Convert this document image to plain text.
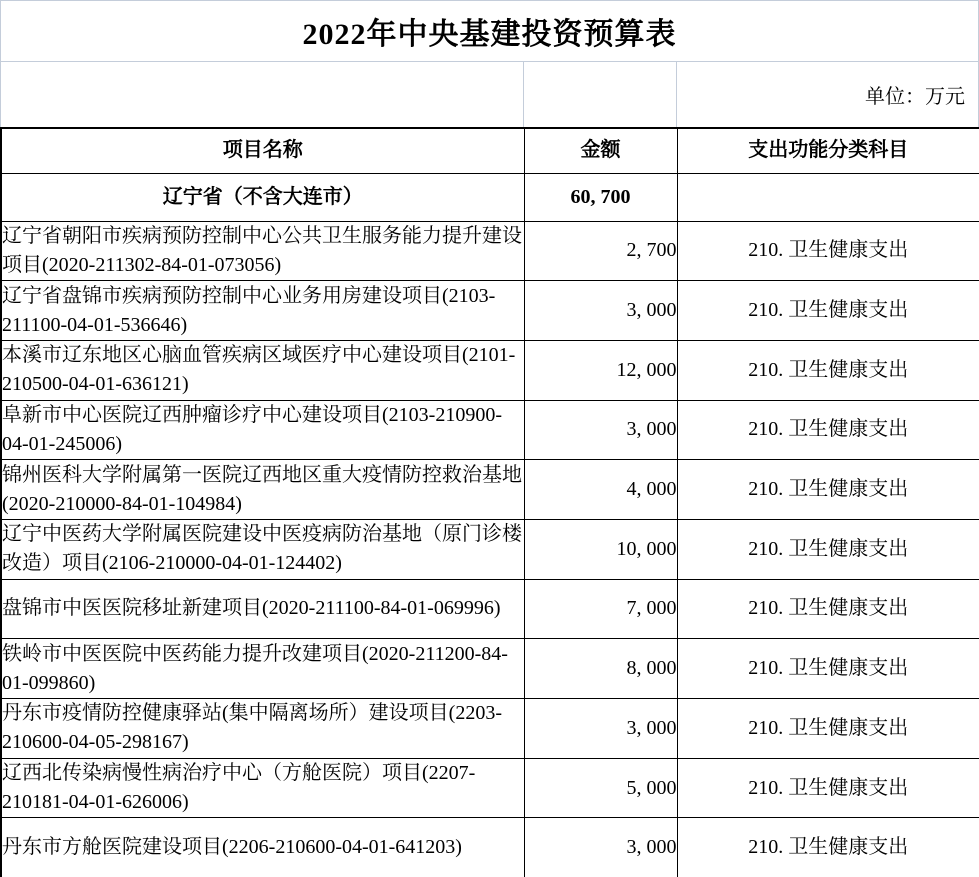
2022年中央基建投资预算表
单位：万元
项目名称	金额	支出功能分类科目
辽宁省（不含大连市）	60, 700	
辽宁省朝阳市疾病预防控制中心公共卫生服务能力提升建设项目(2020-211302-84-01-073056)	2, 700	210. 卫生健康支出
辽宁省盘锦市疾病预防控制中心业务用房建设项目(2103-211100-04-01-536646)	3, 000	210. 卫生健康支出
本溪市辽东地区心脑血管疾病区域医疗中心建设项目(2101-210500-04-01-636121)	12, 000	210. 卫生健康支出
阜新市中心医院辽西肿瘤诊疗中心建设项目(2103-210900-04-01-245006)	3, 000	210. 卫生健康支出
锦州医科大学附属第一医院辽西地区重大疫情防控救治基地(2020-210000-84-01-104984)	4, 000	210. 卫生健康支出
辽宁中医药大学附属医院建设中医疫病防治基地（原门诊楼改造）项目(2106-210000-04-01-124402)	10, 000	210. 卫生健康支出
盘锦市中医医院移址新建项目(2020-211100-84-01-069996)	7, 000	210. 卫生健康支出
铁岭市中医医院中医药能力提升改建项目(2020-211200-84-01-099860)	8, 000	210. 卫生健康支出
丹东市疫情防控健康驿站(集中隔离场所）建设项目(2203-210600-04-05-298167)	3, 000	210. 卫生健康支出
辽西北传染病慢性病治疗中心（方舱医院）项目(2207-210181-04-01-626006)	5, 000	210. 卫生健康支出
丹东市方舱医院建设项目(2206-210600-04-01-641203)	3, 000	210. 卫生健康支出
